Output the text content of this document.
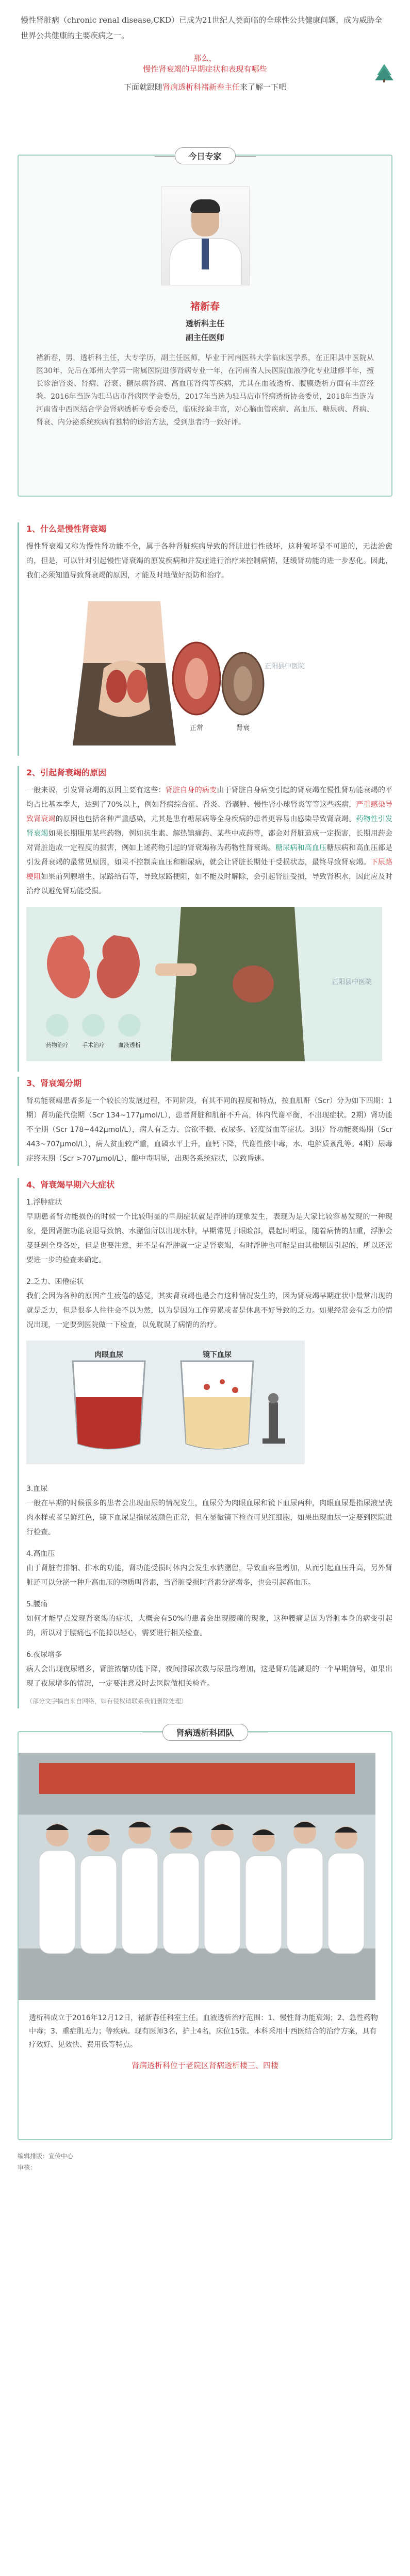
慢性肾脏病（chronic renal disease,CKD）已成为21世纪人类面临的全球性公共健康问题，成为威胁全世界公共健康的主要疾病之一。

那么，
慢性肾衰竭的早期症状和表现有哪些
下面就跟随肾病透析科褚新春主任来了解一下吧
今日专家
褚新春
透析科主任
副主任医师
褚新春，男，透析科主任，大专学历，副主任医师，毕业于河南医科大学临床医学系，在正阳县中医院从医30年，先后在郑州大学第一附属医院进修肾病专业一年，在河南省人民医院血液净化专业进修半年，擅长诊治肾炎、肾病、肾衰、糖尿病肾病、高血压肾病等疾病，尤其在血液透析、腹膜透析方面有丰富经验。2016年当选为驻马店市肾病医学会委员，2017年当选为驻马店市肾病透析协会委员，2018年当选为河南省中西医结合学会肾病透析专委会委员，临床经验丰富，对心脑血管疾病、高血压、糖尿病、肾病、肾衰、内分泌系统疾病有独特的诊治方法，受到患者的一致好评。
1、什么是慢性肾衰竭

慢性肾衰竭又称为慢性肾功能不全，属于各种肾脏疾病导致的肾脏进行性破坏，这种破坏是不可逆的，无法治愈的，但是，可以针对引起慢性肾衰竭的原发疾病和并发症进行治疗来控制病情，延缓肾功能的进一步恶化。因此，我们必须知道导致肾衰竭的原因，才能及时地做好预防和治疗。

正常	肾衰
正阳县中医院
2、引起肾衰竭的原因

一般来说，引发肾衰竭的原因主要有这些：肾脏自身的病变由于肾脏自身病变引起的肾衰竭在慢性肾功能衰竭的平均占比基本季大，达到了70%以上，例如肾病综合征、肾炎、肾囊肿、慢性肾小球肾炎等等这些疾病，严重感染导致肾衰竭的原因也包括各种严重感染，尤其是患有糖尿病等全身疾病的患者更容易由感染导致肾衰竭。药物性引发肾衰竭如果长期服用某些药物，例如抗生素、解热镇痛药、某些中成药等，都会对肾脏造成一定损害，长期用药会对肾脏造成一定程度的损害，例如上述药物引起的肾衰竭称为药物性肾衰竭。糖尿病和高血压糖尿病和高血压都是引发肾衰竭的最常见原因，如果不控制高血压和糖尿病，就会让肾脏长期处于受损状态，最终导致肾衰竭。下尿路梗阻如果前列腺增生、尿路结石等，导致尿路梗阻，如不能及时解除，会引起肾脏受损，导致肾积水，因此应及时治疗以避免肾功能受损。

药物治疗 手术治疗 血液透析
正阳县中医院
3、肾衰竭分期

肾功能衰竭患者多是一个较长的发展过程，不同阶段，有其不同的程度和特点，按血肌酐（Scr）分为如下四期：1期）肾功能代偿期（Scr 134~177μmol/L），患者肾脏和肌酐不升高，体内代谢平衡，不出现症状。2期）肾功能不全期（Scr 178~442μmol/L），病人有乏力、食欲不振、夜尿多、轻度贫血等症状。3期）肾功能衰竭期（Scr 443~707μmol/L），病人贫血较严重，血磷水平上升，血钙下降，代谢性酸中毒，水、电解质紊乱等。4期）尿毒症终末期（Scr >707μmol/L），酸中毒明显，出现各系统症状，以致昏迷。

4、肾衰竭早期六大症状
1.浮肿症状

早期患者肾功能损伤的时候一个比较明显的早期症状就是浮肿的现象发生，表现为是大家比较容易发现的一种现象，是因肾脏功能衰退导致钠、水潴留所以出现水肿，早期常见于眼睑部，晨起时明显，随着病情的加重，浮肿会蔓延到全身各处，但是也要注意，并不是有浮肿就一定是肾衰竭，有时浮肿也可能是由其他原因引起的，所以还需要进一步的检查来确定。

2.乏力、困倦症状

我们会因为各种的原因产生疲倦的感觉，其实肾衰竭也是会有这种情况发生的，因为肾衰竭早期症状中最常出现的就是乏力，但是很多人往往会不以为然，以为是因为工作劳累或者是休息不好导致的乏力。如果经常会有乏力的情况出现，一定要到医院做一下检查，以免耽误了病情的治疗。

肉眼血尿	镜下血尿
3.血尿

一般在早期的时候很多的患者会出现血尿的情况发生，血尿分为肉眼血尿和镜下血尿两种，肉眼血尿是指尿液呈洗肉水样或者呈鲜红色，镜下血尿是指尿液颜色正常，但在显微镜下检查可见红细胞，如果出现血尿一定要到医院进行检查。

4.高血压

由于肾脏有排钠、排水的功能，肾功能受损时体内会发生水钠潴留，导致血容量增加，从而引起血压升高，另外肾脏还可以分泌一种升高血压的物质叫肾素，当肾脏受损时肾素分泌增多，也会引起高血压。

5.腰痛

如何才能早点发现肾衰竭的症状，大概会有50%的患者会出现腰痛的现象，这种腰痛是因为肾脏本身的病变引起的，所以对于腰痛也不能掉以轻心，需要进行相关检查。

6.夜尿增多

病人会出现夜尿增多，肾脏浓缩功能下降，夜间排尿次数与尿量均增加，这是肾功能减退的一个早期信号，如果出现了夜尿增多的情况，一定要注意及时去医院做相关检查。

（部分文字摘自来自网络，如有侵权请联系我们删除处理）

肾病透析科团队
透析科成立于2016年12月12日，褚新春任科室主任。血液透析治疗范围：1、慢性肾功能衰竭；2、急性药物中毒；3、重症肌无力；等疾病。现有医师3名，护士4名，床位15张。本科采用中西医结合的治疗方案，具有疗效好、见效快、费用低等特点。
肾病透析科位于老院区肾病透析楼三、四楼
编辑排版：宣传中心
审核：
